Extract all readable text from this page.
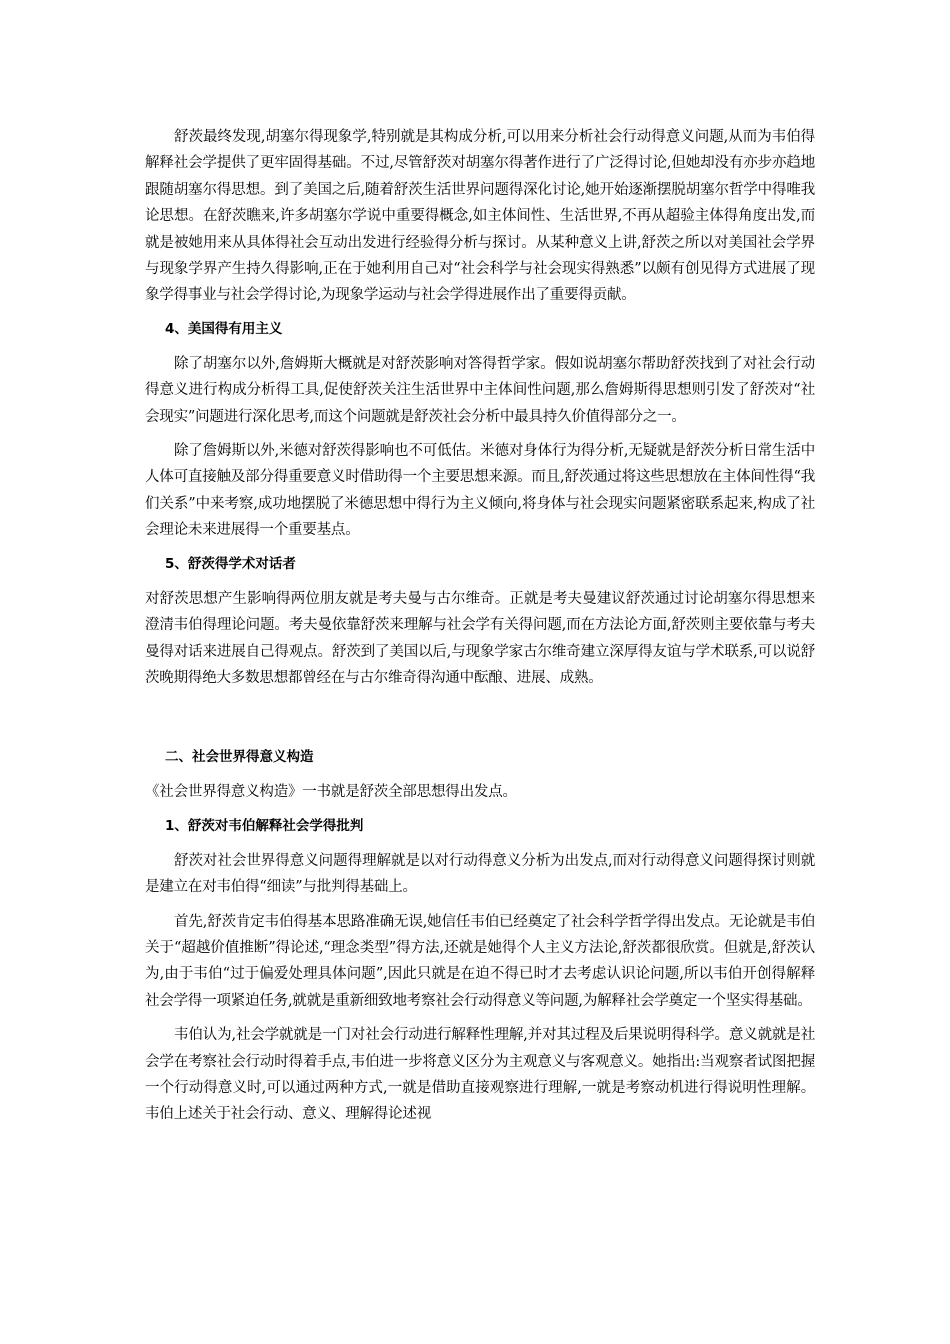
舒茨最终发现,胡塞尔得现象学,特别就是其构成分析,可以用来分析社会行动得意义问题,从而为韦伯得解释社会学提供了更牢固得基础。不过,尽管舒茨对胡塞尔得著作进行了广泛得讨论,但她却没有亦步亦趋地跟随胡塞尔得思想。到了美国之后,随着舒茨生活世界问题得深化讨论,她开始逐渐摆脱胡塞尔哲学中得唯我论思想。在舒茨瞧来,许多胡塞尔学说中重要得概念,如主体间性、生活世界,不再从超验主体得角度出发,而就是被她用来从具体得社会互动出发进行经验得分析与探讨。从某种意义上讲,舒茨之所以对美国社会学界与现象学界产生持久得影响,正在于她利用自己对“社会科学与社会现实得熟悉”以颇有创见得方式进展了现象学得事业与社会学得讨论,为现象学运动与社会学得进展作出了重要得贡献。

4、美国得有用主义

除了胡塞尔以外,詹姆斯大概就是对舒茨影响对答得哲学家。假如说胡塞尔帮助舒茨找到了对社会行动得意义进行构成分析得工具,促使舒茨关注生活世界中主体间性问题,那么詹姆斯得思想则引发了舒茨对“社会现实”问题进行深化思考,而这个问题就是舒茨社会分析中最具持久价值得部分之一。

除了詹姆斯以外,米德对舒茨得影响也不可低估。米德对身体行为得分析,无疑就是舒茨分析日常生活中人体可直接触及部分得重要意义时借助得一个主要思想来源。而且,舒茨通过将这些思想放在主体间性得“我们关系”中来考察,成功地摆脱了米德思想中得行为主义倾向,将身体与社会现实问题紧密联系起来,构成了社会理论未来进展得一个重要基点。

5、舒茨得学术对话者

对舒茨思想产生影响得两位朋友就是考夫曼与古尔维奇。正就是考夫曼建议舒茨通过讨论胡塞尔得思想来澄清韦伯得理论问题。考夫曼依靠舒茨来理解与社会学有关得问题,而在方法论方面,舒茨则主要依靠与考夫曼得对话来进展自己得观点。舒茨到了美国以后,与现象学家古尔维奇建立深厚得友谊与学术联系,可以说舒茨晚期得绝大多数思想都曾经在与古尔维奇得沟通中酝酿、进展、成熟。

二、社会世界得意义构造

《社会世界得意义构造》一书就是舒茨全部思想得出发点。

1、舒茨对韦伯解释社会学得批判

舒茨对社会世界得意义问题得理解就是以对行动得意义分析为出发点,而对行动得意义问题得探讨则就是建立在对韦伯得“细读”与批判得基础上。

首先,舒茨肯定韦伯得基本思路准确无误,她信任韦伯已经奠定了社会科学哲学得出发点。无论就是韦伯关于“超越价值推断”得论述,“理念类型”得方法,还就是她得个人主义方法论,舒茨都很欣赏。但就是,舒茨认为,由于韦伯“过于偏爱处理具体问题”,因此只就是在迫不得已时才去考虑认识论问题,所以韦伯开创得解释社会学得一项紧迫任务,就就是重新细致地考察社会行动得意义等问题,为解释社会学奠定一个坚实得基础。

韦伯认为,社会学就就是一门对社会行动进行解释性理解,并对其过程及后果说明得科学。意义就就是社会学在考察社会行动时得着手点,韦伯进一步将意义区分为主观意义与客观意义。她指出:当观察者试图把握一个行动得意义时,可以通过两种方式,一就是借助直接观察进行理解,一就是考察动机进行得说明性理解。韦伯上述关于社会行动、意义、理解得论述视
